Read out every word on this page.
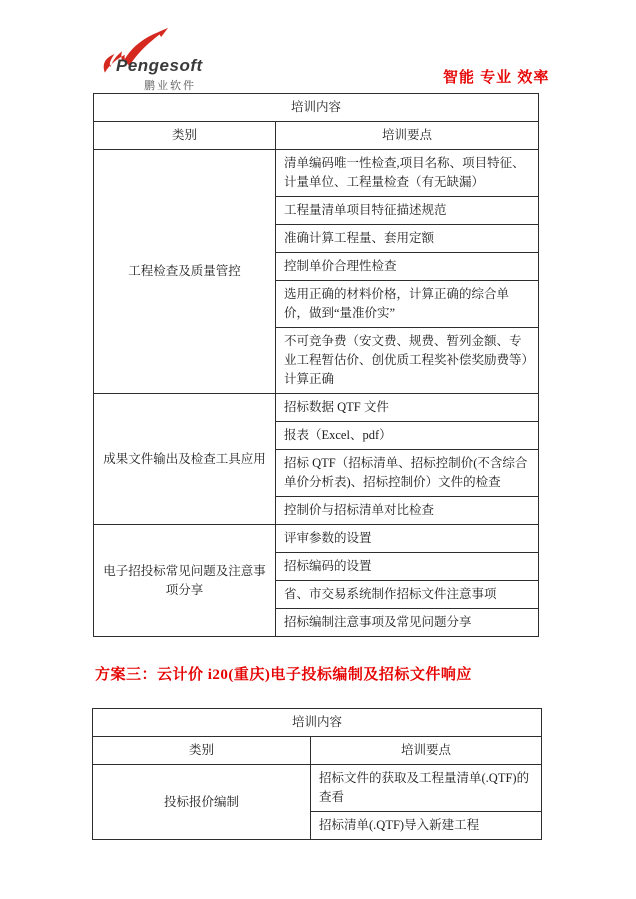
Pengesoft
鹏业软件	智能 专业 效率
培训内容	
类别	培训要点
工程检查及质量管控	清单编码唯一性检查,项目名称、项目特征、计量单位、工程量检查（有无缺漏）
	工程量清单项目特征描述规范
	准确计算工程量、套用定额
	控制单价合理性检查
	选用正确的材料价格，计算正确的综合单价，做到“量准价实”
	不可竞争费（安文费、规费、暂列金额、专业工程暂估价、创优质工程奖补偿奖励费等）计算正确
成果文件输出及检查工具应用	招标数据 QTF 文件
	报表（Excel、pdf）
	招标 QTF（招标清单、招标控制价(不含综合单价分析表)、招标控制价）文件的检查
	控制价与招标清单对比检查
电子招投标常见问题及注意事项分享	评审参数的设置
	招标编码的设置
	省、市交易系统制作招标文件注意事项
	招标编制注意事项及常见问题分享
方案三：云计价 i20(重庆)电子投标编制及招标文件响应
培训内容	
类别	培训要点
投标报价编制	招标文件的获取及工程量清单(.QTF)的查看
	招标清单(.QTF)导入新建工程
